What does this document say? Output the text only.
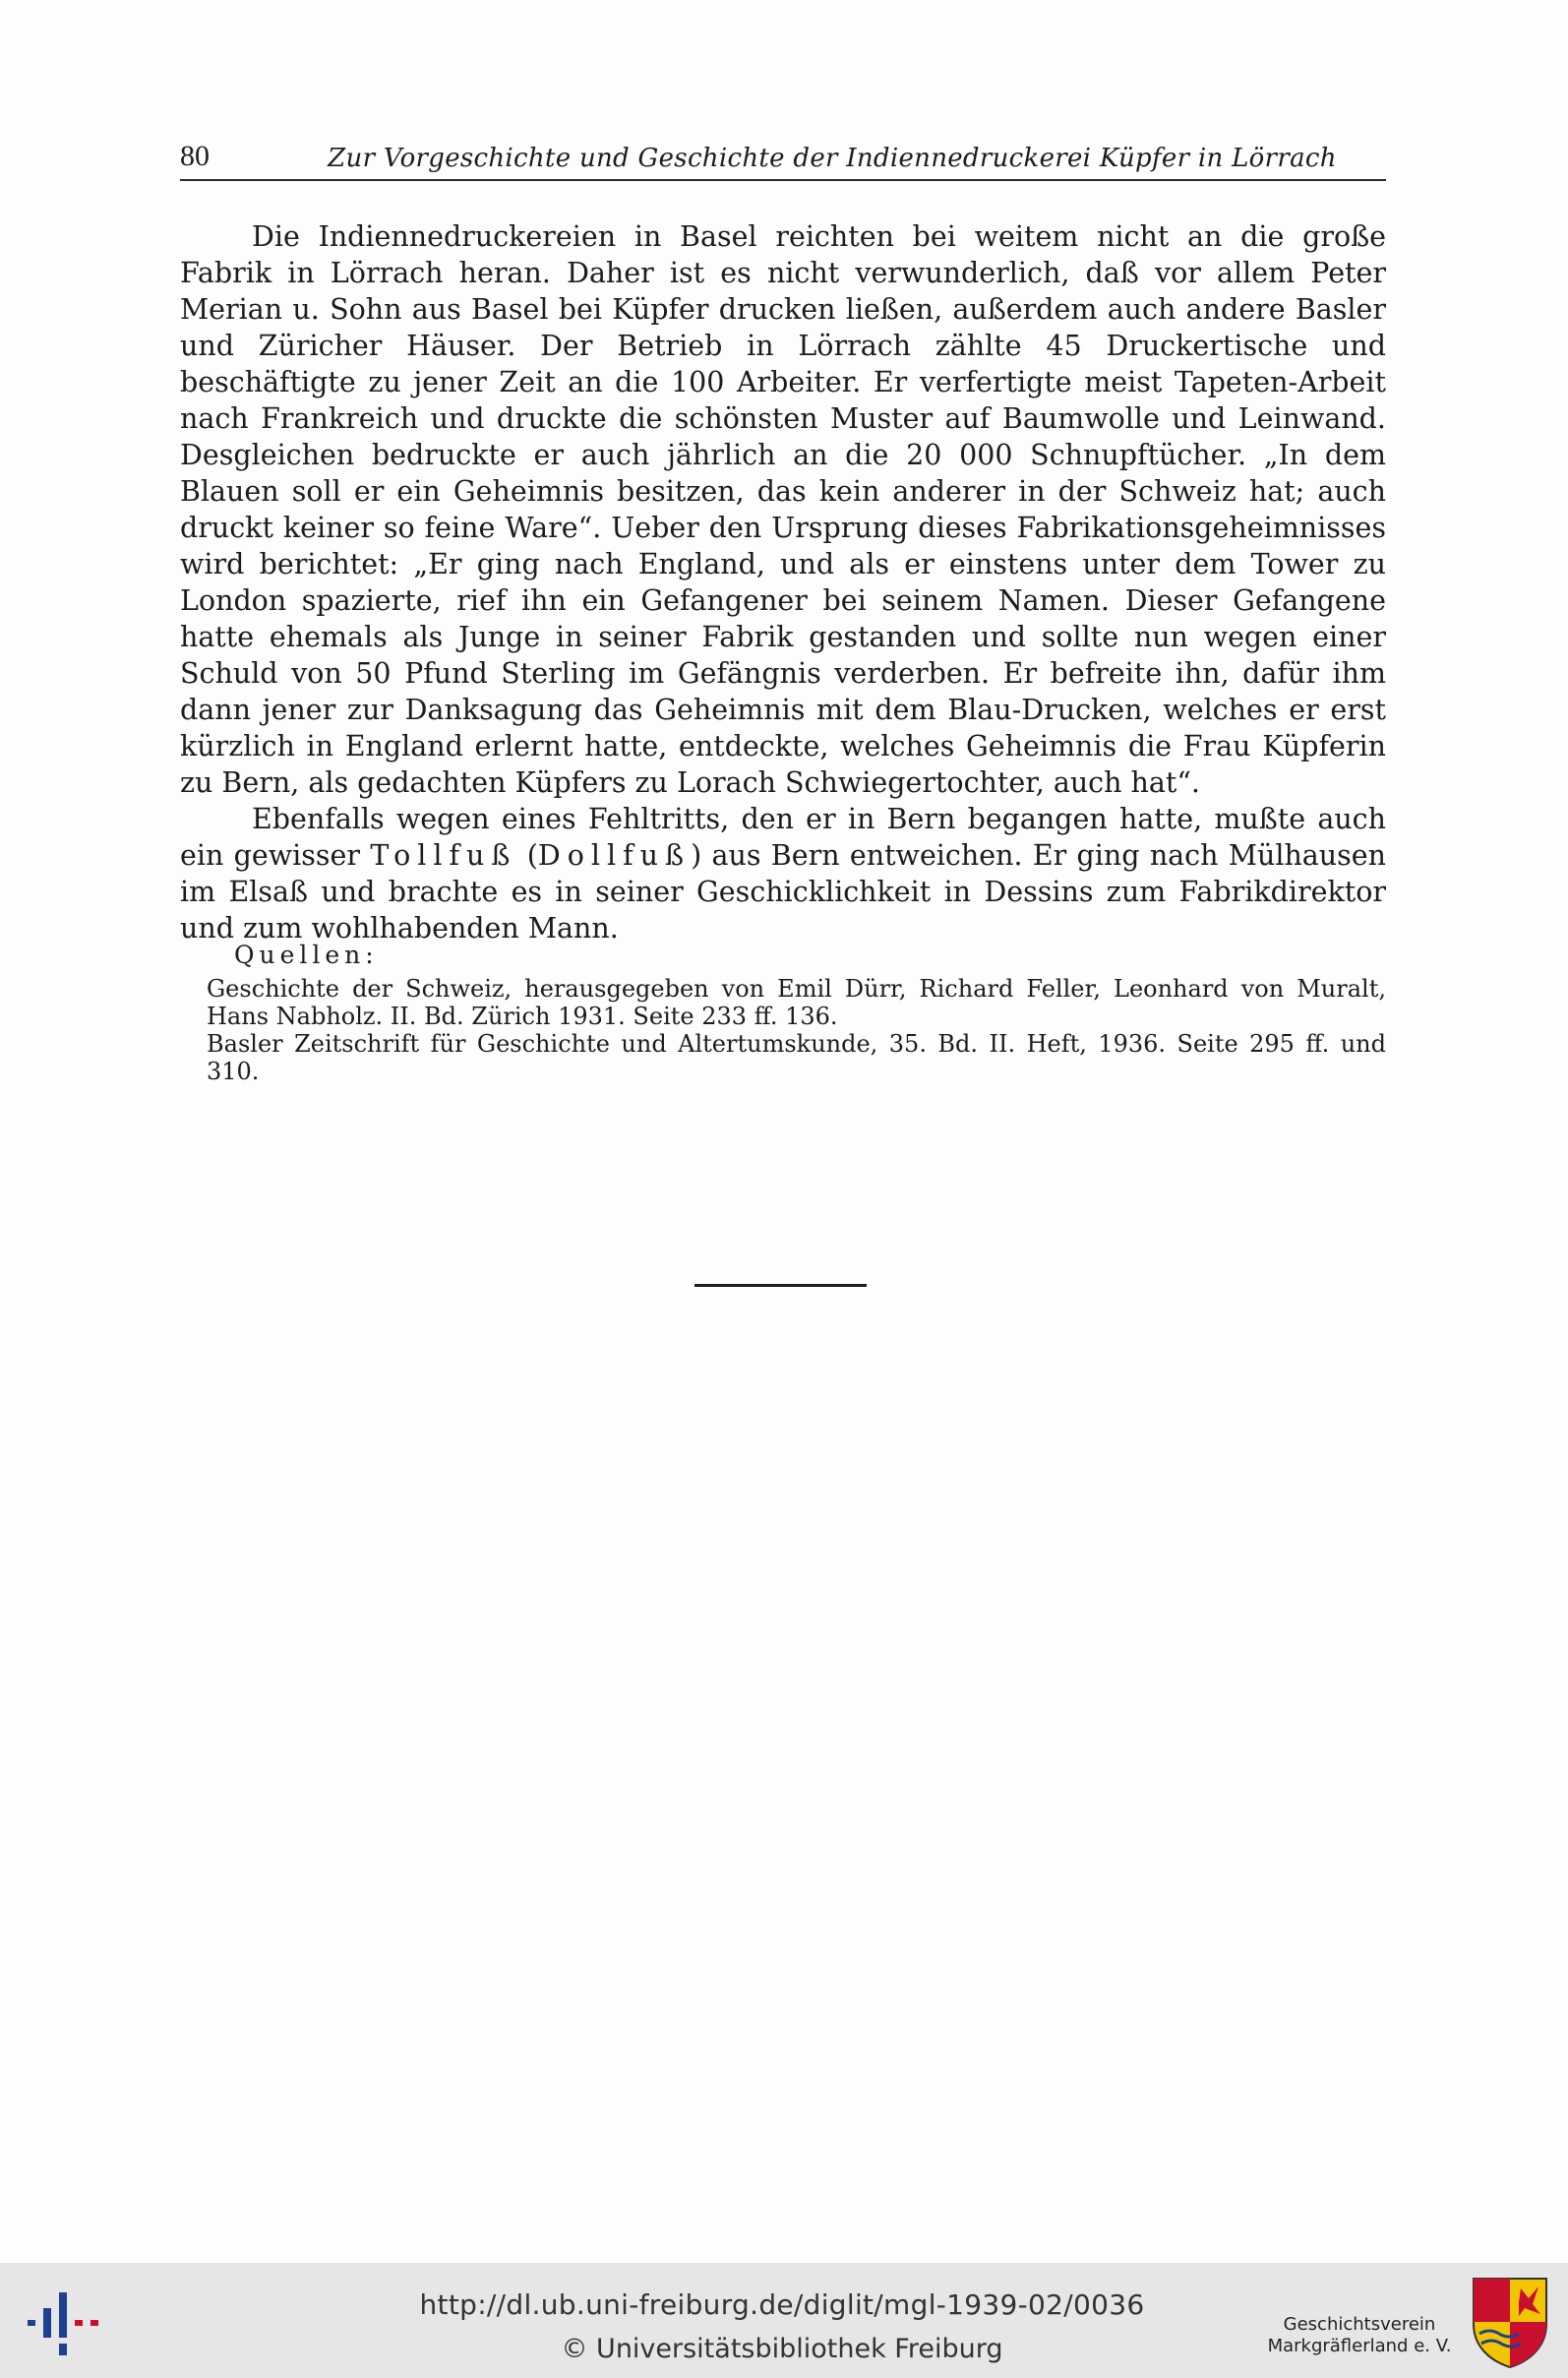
80	Zur Vorgeschichte und Geschichte der Indiennedruckerei Küpfer in Lörrach

Die Indiennedruckereien in Basel reichten bei weitem nicht an die große Fabrik in Lörrach heran. Daher ist es nicht verwunderlich, daß vor allem Peter Merian u. Sohn aus Basel bei Küpfer drucken ließen, außerdem auch andere Basler und Züricher Häuser. Der Betrieb in Lörrach zählte 45 Druckertische und beschäftigte zu jener Zeit an die 100 Arbeiter. Er verfertigte meist Tapeten-Arbeit nach Frankreich und druckte die schönsten Muster auf Baumwolle und Leinwand. Desgleichen bedruckte er auch jährlich an die 20 000 Schnupftücher. „In dem Blauen soll er ein Geheimnis besitzen, das kein anderer in der Schweiz hat; auch druckt keiner so feine Ware“. Ueber den Ursprung dieses Fabrikationsgeheimnisses wird berichtet: „Er ging nach England, und als er einstens unter dem Tower zu London spazierte, rief ihn ein Gefangener bei seinem Namen. Dieser Gefangene hatte ehemals als Junge in seiner Fabrik gestanden und sollte nun wegen einer Schuld von 50 Pfund Sterling im Gefängnis verderben. Er befreite ihn, dafür ihm dann jener zur Danksagung das Geheimnis mit dem Blau-Drucken, welches er erst kürzlich in England erlernt hatte, entdeckte, welches Geheimnis die Frau Küpferin zu Bern, als gedachten Küpfers zu Lorach Schwiegertochter, auch hat“.

Ebenfalls wegen eines Fehltritts, den er in Bern begangen hatte, mußte auch ein gewisser Tollfuß (Dollfuß) aus Bern entweichen. Er ging nach Mülhausen im Elsaß und brachte es in seiner Geschicklichkeit in Dessins zum Fabrikdirektor und zum wohlhabenden Mann.

Quellen:

Geschichte der Schweiz, herausgegeben von Emil Dürr, Richard Feller, Leonhard von Muralt, Hans Nabholz. II. Bd. Zürich 1931. Seite 233 ff. 136.

Basler Zeitschrift für Geschichte und Altertumskunde, 35. Bd. II. Heft, 1936. Seite 295 ff. und 310.

http://dl.ub.uni-freiburg.de/diglit/mgl-1939-02/0036
© Universitätsbibliothek Freiburg
Geschichtsverein
Markgräflerland e. V.
